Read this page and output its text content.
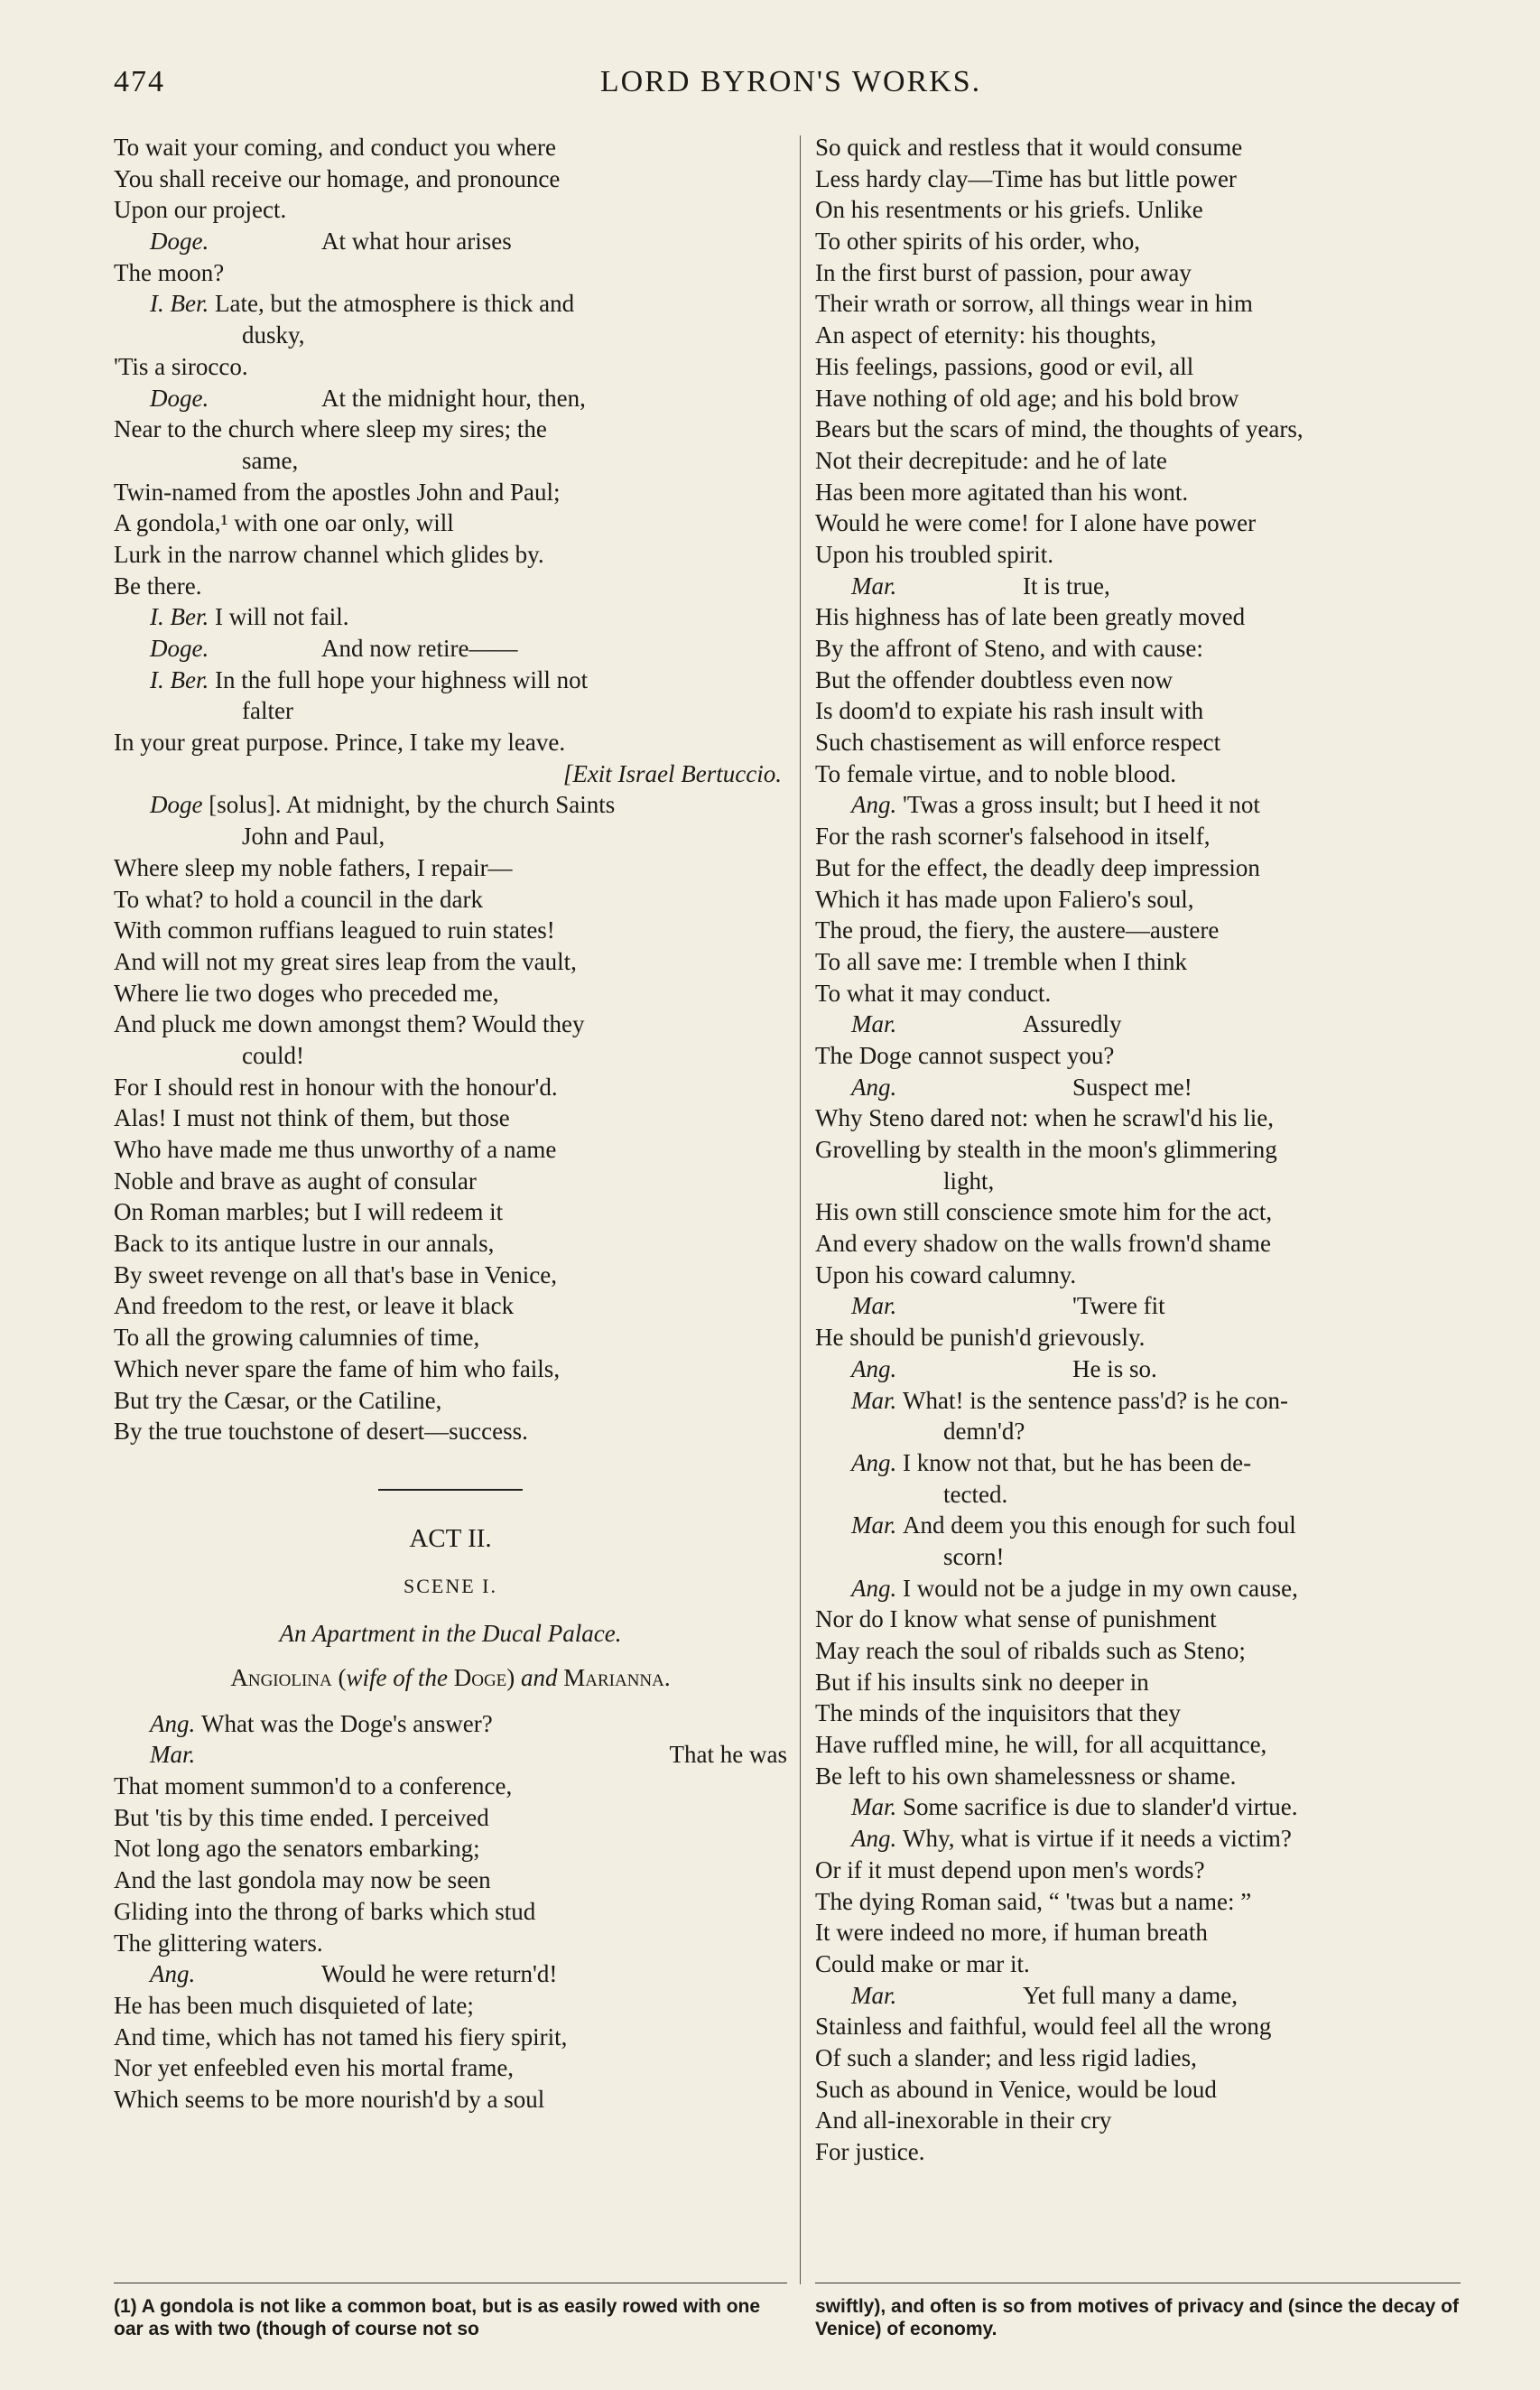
474	LORD BYRON'S WORKS.
To wait your coming, and conduct you where
You shall receive our homage, and pronounce
Upon our project.
Doge.	At what hour arises
The moon?
I. Ber. Late, but the atmosphere is thick and
dusky,
'Tis a sirocco.
Doge.	At the midnight hour, then,
Near to the church where sleep my sires; the
same,
Twin-named from the apostles John and Paul;
A gondola,¹ with one oar only, will
Lurk in the narrow channel which glides by.
Be there.
I. Ber. I will not fail.
Doge.	And now retire——
I. Ber. In the full hope your highness will not
falter
In your great purpose. Prince, I take my leave.
[Exit Israel Bertuccio.
Doge [solus]. At midnight, by the church Saints
John and Paul,
Where sleep my noble fathers, I repair—
To what? to hold a council in the dark
With common ruffians leagued to ruin states!
And will not my great sires leap from the vault,
Where lie two doges who preceded me,
And pluck me down amongst them? Would they
could!
For I should rest in honour with the honour'd.
Alas! I must not think of them, but those
Who have made me thus unworthy of a name
Noble and brave as aught of consular
On Roman marbles; but I will redeem it
Back to its antique lustre in our annals,
By sweet revenge on all that's base in Venice,
And freedom to the rest, or leave it black
To all the growing calumnies of time,
Which never spare the fame of him who fails,
But try the Cæsar, or the Catiline,
By the true touchstone of desert—success.
ACT II.
SCENE I.
An Apartment in the Ducal Palace.
Angiolina (wife of the Doge) and Marianna.
Ang. What was the Doge's answer?
Mar.	That he was
That moment summon'd to a conference,
But 'tis by this time ended. I perceived
Not long ago the senators embarking;
And the last gondola may now be seen
Gliding into the throng of barks which stud
The glittering waters.
Ang.	Would he were return'd!
He has been much disquieted of late;
And time, which has not tamed his fiery spirit,
Nor yet enfeebled even his mortal frame,
Which seems to be more nourish'd by a soul
So quick and restless that it would consume
Less hardy clay—Time has but little power
On his resentments or his griefs. Unlike
To other spirits of his order, who,
In the first burst of passion, pour away
Their wrath or sorrow, all things wear in him
An aspect of eternity: his thoughts,
His feelings, passions, good or evil, all
Have nothing of old age; and his bold brow
Bears but the scars of mind, the thoughts of years,
Not their decrepitude: and he of late
Has been more agitated than his wont.
Would he were come! for I alone have power
Upon his troubled spirit.
Mar.	It is true,
His highness has of late been greatly moved
By the affront of Steno, and with cause:
But the offender doubtless even now
Is doom'd to expiate his rash insult with
Such chastisement as will enforce respect
To female virtue, and to noble blood.
Ang. 'Twas a gross insult; but I heed it not
For the rash scorner's falsehood in itself,
But for the effect, the deadly deep impression
Which it has made upon Faliero's soul,
The proud, the fiery, the austere—austere
To all save me: I tremble when I think
To what it may conduct.
Mar.	Assuredly
The Doge cannot suspect you?
Ang.	Suspect me!
Why Steno dared not: when he scrawl'd his lie,
Grovelling by stealth in the moon's glimmering
light,
His own still conscience smote him for the act,
And every shadow on the walls frown'd shame
Upon his coward calumny.
Mar.	'Twere fit
He should be punish'd grievously.
Ang.	He is so.
Mar. What! is the sentence pass'd? is he con-
demn'd?
Ang. I know not that, but he has been de-
tected.
Mar. And deem you this enough for such foul
scorn!
Ang. I would not be a judge in my own cause,
Nor do I know what sense of punishment
May reach the soul of ribalds such as Steno;
But if his insults sink no deeper in
The minds of the inquisitors that they
Have ruffled mine, he will, for all acquittance,
Be left to his own shamelessness or shame.
Mar. Some sacrifice is due to slander'd virtue.
Ang. Why, what is virtue if it needs a victim?
Or if it must depend upon men's words?
The dying Roman said, “ 'twas but a name: ”
It were indeed no more, if human breath
Could make or mar it.
Mar.	Yet full many a dame,
Stainless and faithful, would feel all the wrong
Of such a slander; and less rigid ladies,
Such as abound in Venice, would be loud
And all-inexorable in their cry
For justice.
(1) A gondola is not like a common boat, but is as easily rowed with one oar as with two (though of course not so
swiftly), and often is so from motives of privacy and (since the decay of Venice) of economy.
